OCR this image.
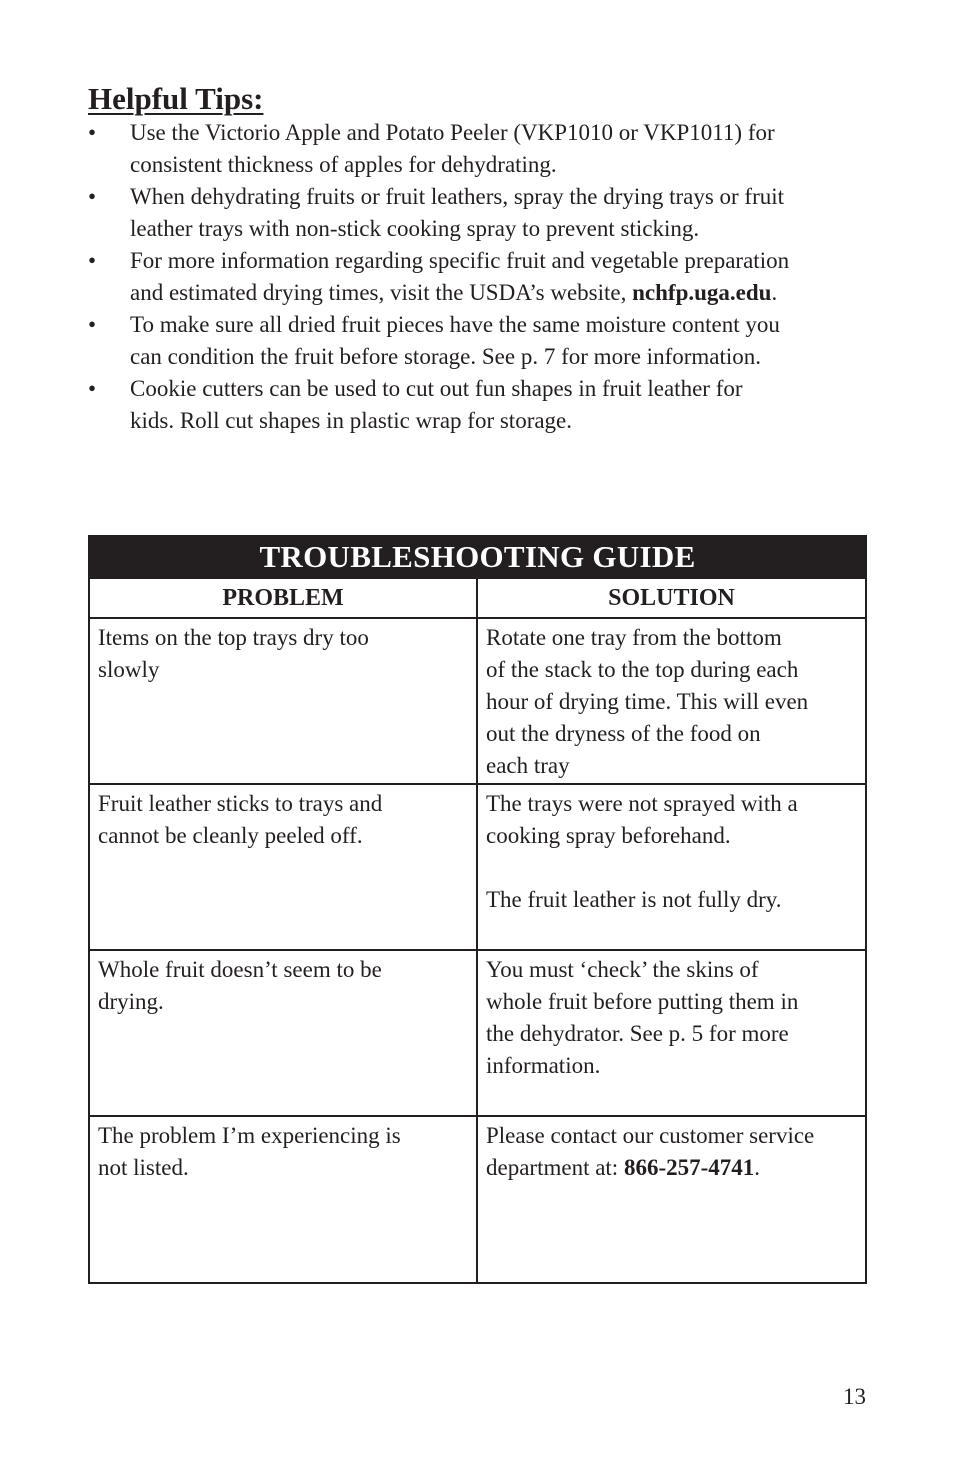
Helpful Tips:
• Use the Victorio Apple and Potato Peeler (VKP1010 or VKP1011) for
consistent thickness of apples for dehydrating.
• When dehydrating fruits or fruit leathers, spray the drying trays or fruit
leather trays with non-stick cooking spray to prevent sticking.
• For more information regarding specific fruit and vegetable preparation
and estimated drying times, visit the USDA’s website, nchfp.uga.edu.
• To make sure all dried fruit pieces have the same moisture content you
can condition the fruit before storage. See p. 7 for more information.
• Cookie cutters can be used to cut out fun shapes in fruit leather for
kids. Roll cut shapes in plastic wrap for storage.
TROUBLESHOOTING GUIDE
PROBLEM	SOLUTION
Items on the top trays dry too
slowly
Rotate one tray from the bottom
of the stack to the top during each
hour of drying time. This will even
out the dryness of the food on
each tray
Fruit leather sticks to trays and
cannot be cleanly peeled off.
The trays were not sprayed with a
cooking spray beforehand.
The fruit leather is not fully dry.
Whole fruit doesn’t seem to be
drying.
You must ‘check’ the skins of
whole fruit before putting them in
the dehydrator. See p. 5 for more
information.
The problem I’m experiencing is
not listed.
Please contact our customer service
department at: 866-257-4741.
13
